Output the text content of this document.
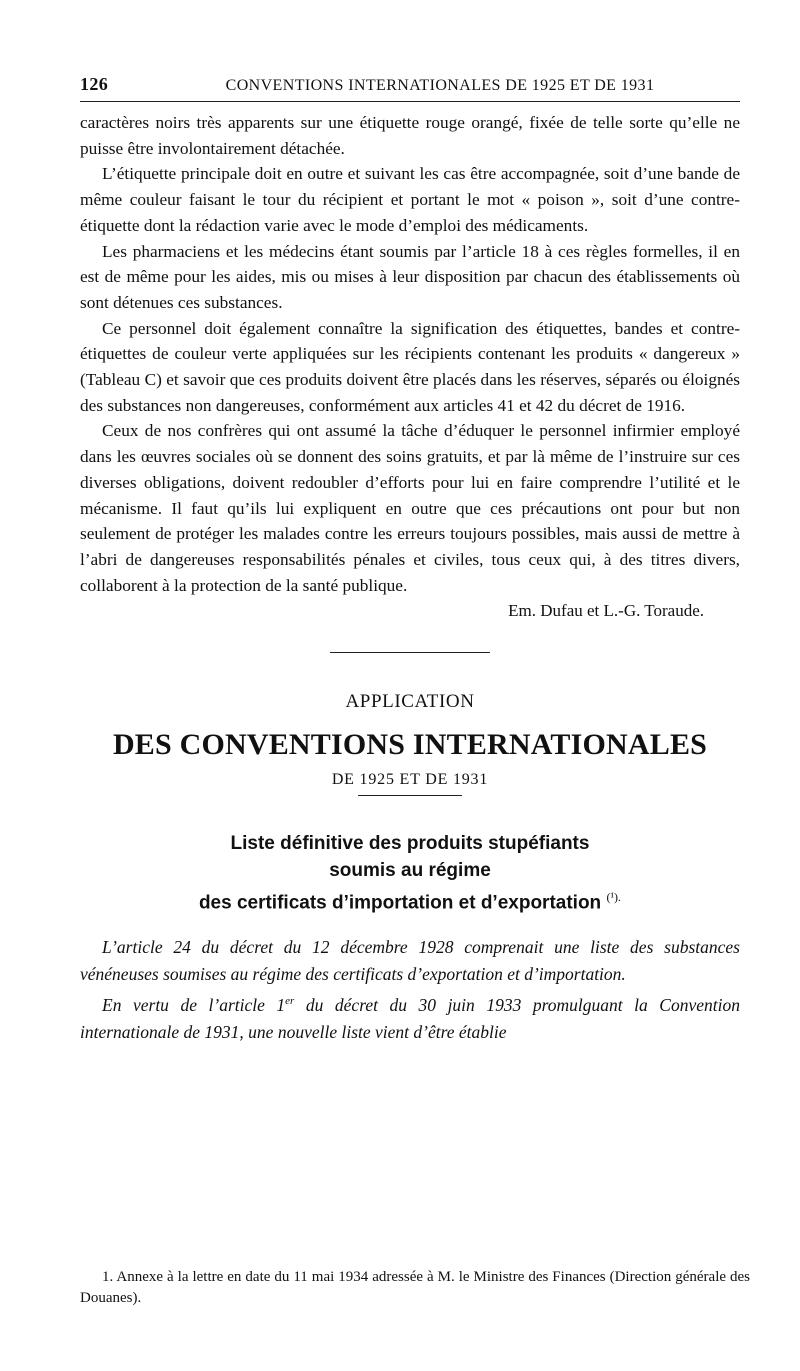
126	CONVENTIONS INTERNATIONALES DE 1925 ET DE 1931

caractères noirs très apparents sur une étiquette rouge orangé, fixée de telle sorte qu’elle ne puisse être involontairement détachée.

L’étiquette principale doit en outre et suivant les cas être accompagnée, soit d’une bande de même couleur faisant le tour du récipient et portant le mot « poison », soit d’une contre-étiquette dont la rédaction varie avec le mode d’emploi des médicaments.

Les pharmaciens et les médecins étant soumis par l’article 18 à ces règles formelles, il en est de même pour les aides, mis ou mises à leur disposition par chacun des établissements où sont détenues ces substances.

Ce personnel doit également connaître la signification des étiquettes, bandes et contre-étiquettes de couleur verte appliquées sur les récipients contenant les produits « dangereux » (Tableau C) et savoir que ces produits doivent être placés dans les réserves, séparés ou éloignés des substances non dangereuses, conformément aux articles 41 et 42 du décret de 1916.

Ceux de nos confrères qui ont assumé la tâche d’éduquer le personnel infirmier employé dans les œuvres sociales où se donnent des soins gratuits, et par là même de l’instruire sur ces diverses obligations, doivent redoubler d’efforts pour lui en faire comprendre l’utilité et le mécanisme. Il faut qu’ils lui expliquent en outre que ces précautions ont pour but non seulement de protéger les malades contre les erreurs toujours possibles, mais aussi de mettre à l’abri de dangereuses responsabilités pénales et civiles, tous ceux qui, à des titres divers, collaborent à la protection de la santé publique.

Em. Dufau et L.-G. Toraude.
APPLICATION
DES CONVENTIONS INTERNATIONALES
DE 1925 ET DE 1931
Liste définitive des produits stupéfiants
soumis au régime
des certificats d’importation et d’exportation $^{(^1).}$

L’article 24 du décret du 12 décembre 1928 comprenait une liste des substances vénéneuses soumises au régime des certificats d’exportation et d’importation.

En vertu de l’article 1er du décret du 30 juin 1933 promulguant la Convention internationale de 1931, une nouvelle liste vient d’être établie

1. Annexe à la lettre en date du 11 mai 1934 adressée à M. le Ministre des Finances (Direction générale des Douanes).
